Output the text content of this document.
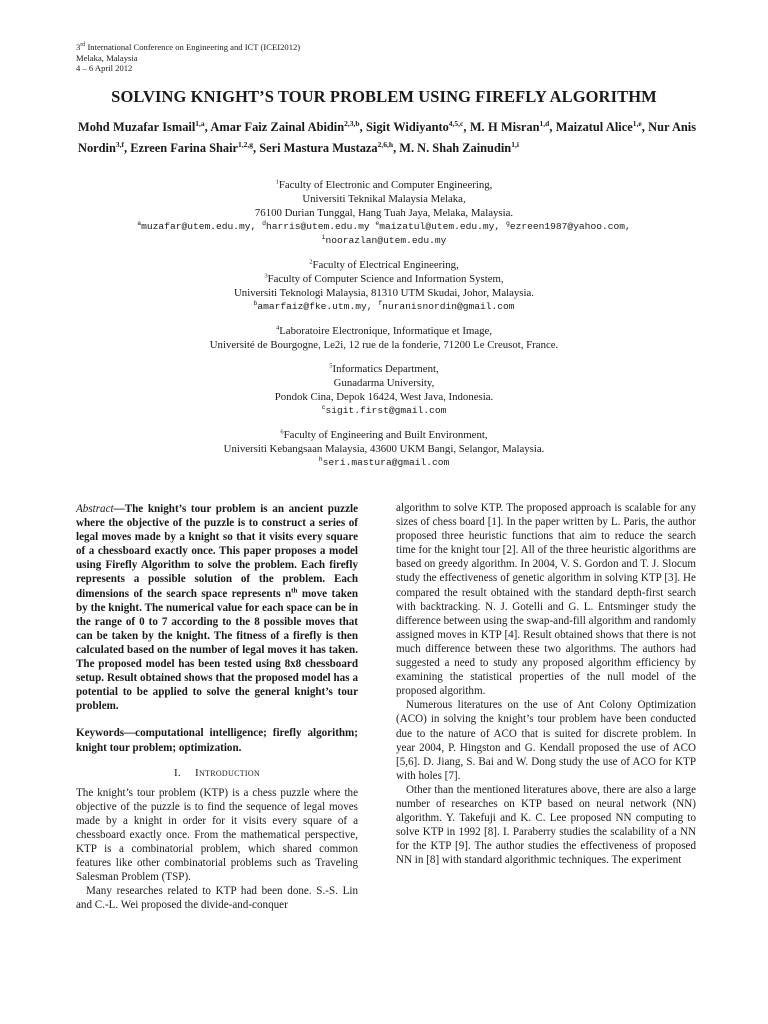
3rd International Conference on Engineering and ICT (ICEI2012)
Melaka, Malaysia
4 – 6 April 2012
SOLVING KNIGHT’S TOUR PROBLEM USING FIREFLY ALGORITHM
Mohd Muzafar Ismail$^{1,a}$, Amar Faiz Zainal Abidin$^{2,3,b}$, Sigit Widiyanto$^{4,5,c}$, M. H Misran$^{1,d}$, Maizatul Alice$^{1,e}$, Nur Anis Nordin$^{3,f}$, Ezreen Farina Shair$^{1,2,g}$, Seri Mastura Mustaza$^{2,6,h}$, M. N. Shah Zainudin$^{1,i}$
$^1$Faculty of Electronic and Computer Engineering,
Universiti Teknikal Malaysia Melaka,
76100 Durian Tunggal, Hang Tuah Jaya, Melaka, Malaysia.
$^a$muzafar@utem.edu.my, $^d$harris@utem.edu.my $^e$maizatul@utem.edu.my, $^g$ezreen1987@yahoo.com,
$^i$noorazlan@utem.edu.my
$^2$Faculty of Electrical Engineering,
$^3$Faculty of Computer Science and Information System,
Universiti Teknologi Malaysia, 81310 UTM Skudai, Johor, Malaysia.
$^b$amarfaiz@fke.utm.my, $^f$nuranisnordin@gmail.com
$^4$Laboratoire Electronique, Informatique et Image,
Université de Bourgogne, Le2i, 12 rue de la fonderie, 71200 Le Creusot, France.
$^5$Informatics Department,
Gunadarma University,
Pondok Cina, Depok 16424, West Java, Indonesia.
$^c$sigit.first@gmail.com
$^6$Faculty of Engineering and Built Environment,
Universiti Kebangsaan Malaysia, 43600 UKM Bangi, Selangor, Malaysia.
$^h$seri.mastura@gmail.com

Abstract—The knight’s tour problem is an ancient puzzle where the objective of the puzzle is to construct a series of legal moves made by a knight so that it visits every square of a chessboard exactly once. This paper proposes a model using Firefly Algorithm to solve the problem. Each firefly represents a possible solution of the problem. Each dimensions of the search space represents $n^{th}$ move taken by the knight. The numerical value for each space can be in the range of 0 to 7 according to the 8 possible moves that can be taken by the knight. The fitness of a firefly is then calculated based on the number of legal moves it has taken. The proposed model has been tested using 8x8 chessboard setup. Result obtained shows that the proposed model has a potential to be applied to solve the general knight’s tour problem.

Keywords—computational intelligence; firefly algorithm; knight tour problem; optimization.

I. Introduction

The knight’s tour problem (KTP) is a chess puzzle where the objective of the puzzle is to find the sequence of legal moves made by a knight in order for it visits every square of a chessboard exactly once. From the mathematical perspective, KTP is a combinatorial problem, which shared common features like other combinatorial problems such as Traveling Salesman Problem (TSP).

Many researches related to KTP had been done. S.-S. Lin and C.-L. Wei proposed the divide-and-conquer

algorithm to solve KTP. The proposed approach is scalable for any sizes of chess board [1]. In the paper written by L. Paris, the author proposed three heuristic functions that aim to reduce the search time for the knight tour [2]. All of the three heuristic algorithms are based on greedy algorithm. In 2004, V. S. Gordon and T. J. Slocum study the effectiveness of genetic algorithm in solving KTP [3]. He compared the result obtained with the standard depth-first search with backtracking. N. J. Gotelli and G. L. Entsminger study the difference between using the swap-and-fill algorithm and randomly assigned moves in KTP [4]. Result obtained shows that there is not much difference between these two algorithms. The authors had suggested a need to study any proposed algorithm efficiency by examining the statistical properties of the null model of the proposed algorithm.

Numerous literatures on the use of Ant Colony Optimization (ACO) in solving the knight’s tour problem have been conducted due to the nature of ACO that is suited for discrete problem. In year 2004, P. Hingston and G. Kendall proposed the use of ACO [5,6]. D. Jiang, S. Bai and W. Dong study the use of ACO for KTP with holes [7].

Other than the mentioned literatures above, there are also a large number of researches on KTP based on neural network (NN) algorithm. Y. Takefuji and K. C. Lee proposed NN computing to solve KTP in 1992 [8]. I. Paraberry studies the scalability of a NN for the KTP [9]. The author studies the effectiveness of proposed NN in [8] with standard algorithmic techniques. The experiment
